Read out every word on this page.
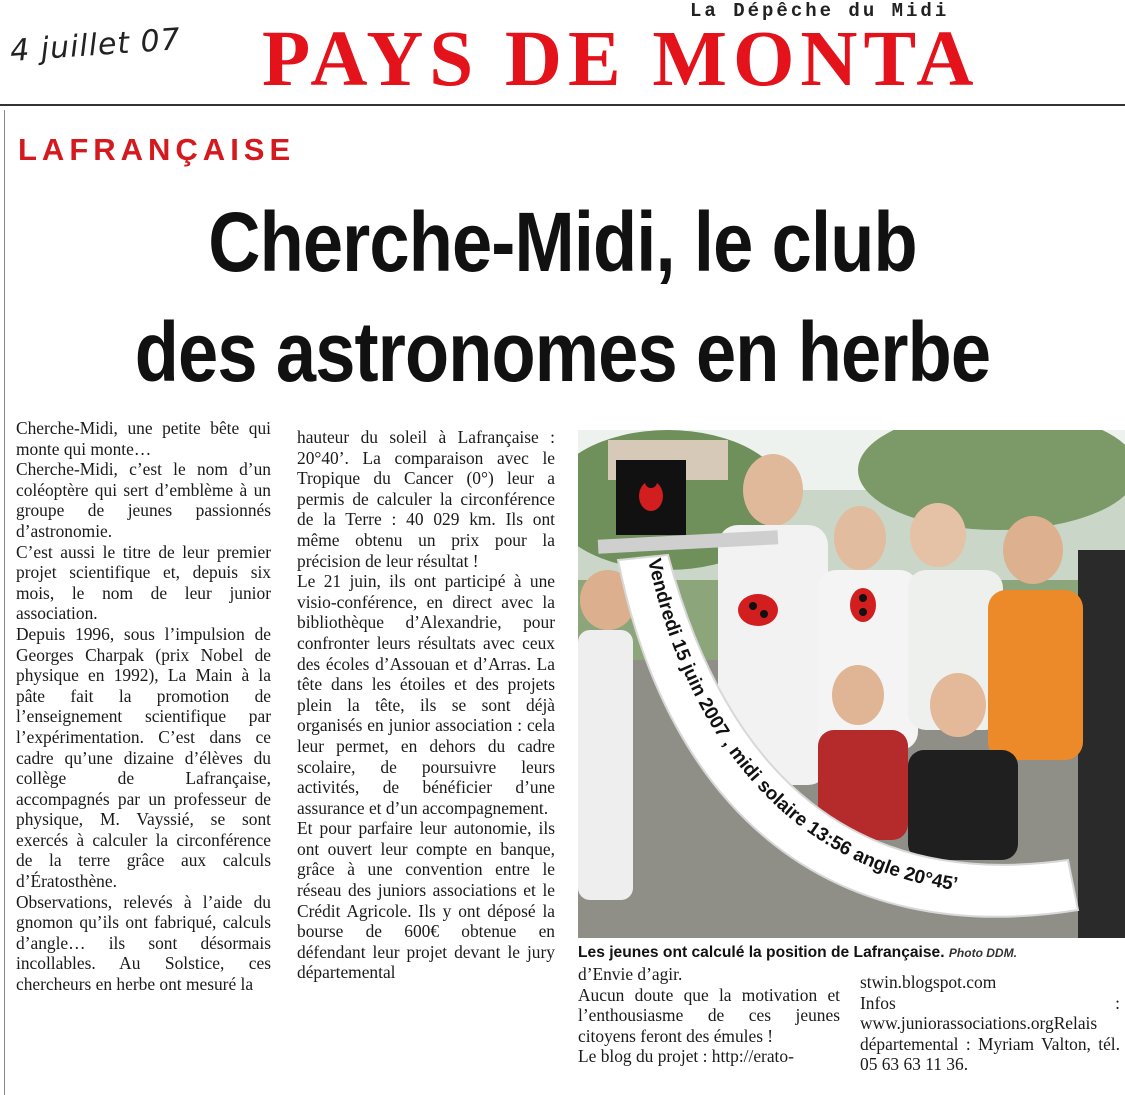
4 juillet 07
La Dépêche du Midi
PAYS DE MONTA
LAFRANÇAISE
Cherche-Midi, le club
des astronomes en herbe

Cherche-Midi, une petite bête qui monte qui monte…

Cherche-Midi, c’est le nom d’un coléoptère qui sert d’emblème à un groupe de jeunes passionnés d’astronomie.

C’est aussi le titre de leur premier projet scientifique et, depuis six mois, le nom de leur junior association.

Depuis 1996, sous l’impulsion de Georges Charpak (prix Nobel de physique en 1992), La Main à la pâte fait la promotion de l’enseignement scientifique par l’expérimentation. C’est dans ce cadre qu’une dizaine d’élèves du collège de Lafrançaise, accompagnés par un professeur de physique, M. Vayssié, se sont exercés à calculer la circonférence de la terre grâce aux calculs d’Ératosthène.

Observations, relevés à l’aide du gnomon qu’ils ont fabriqué, calculs d’angle… ils sont désormais incollables. Au Solstice, ces chercheurs en herbe ont mesuré la

hauteur du soleil à Lafrançaise : 20°40’. La comparaison avec le Tropique du Cancer (0°) leur a permis de calculer la circonférence de la Terre : 40 029 km. Ils ont même obtenu un prix pour la précision de leur résultat !

Le 21 juin, ils ont participé à une visio-conférence, en direct avec la bibliothèque d’Alexandrie, pour confronter leurs résultats avec ceux des écoles d’Assouan et d’Arras. La tête dans les étoiles et des projets plein la tête, ils se sont déjà organisés en junior association : cela leur permet, en dehors du cadre scolaire, de poursuivre leurs activités, de bénéficier d’une assurance et d’un accompagnement.

Et pour parfaire leur autonomie, ils ont ouvert leur compte en banque, grâce à une convention entre le réseau des juniors associations et le Crédit Agricole. Ils y ont déposé la bourse de 600€ obtenue en défendant leur projet devant le jury départemental

Vendredi 15 juin 2007 , midi solaire 13:56 angle 20°45’
Les jeunes ont calculé la position de Lafrançaise. Photo DDM.

d’Envie d’agir.

Aucun doute que la motivation et l’enthousiasme de ces jeunes citoyens feront des émules !

Le blog du projet : http://erato-

stwin.blogspot.com

Infos : www.juniorassociations.orgRelais départemental : Myriam Valton, tél. 05 63 63 11 36.
